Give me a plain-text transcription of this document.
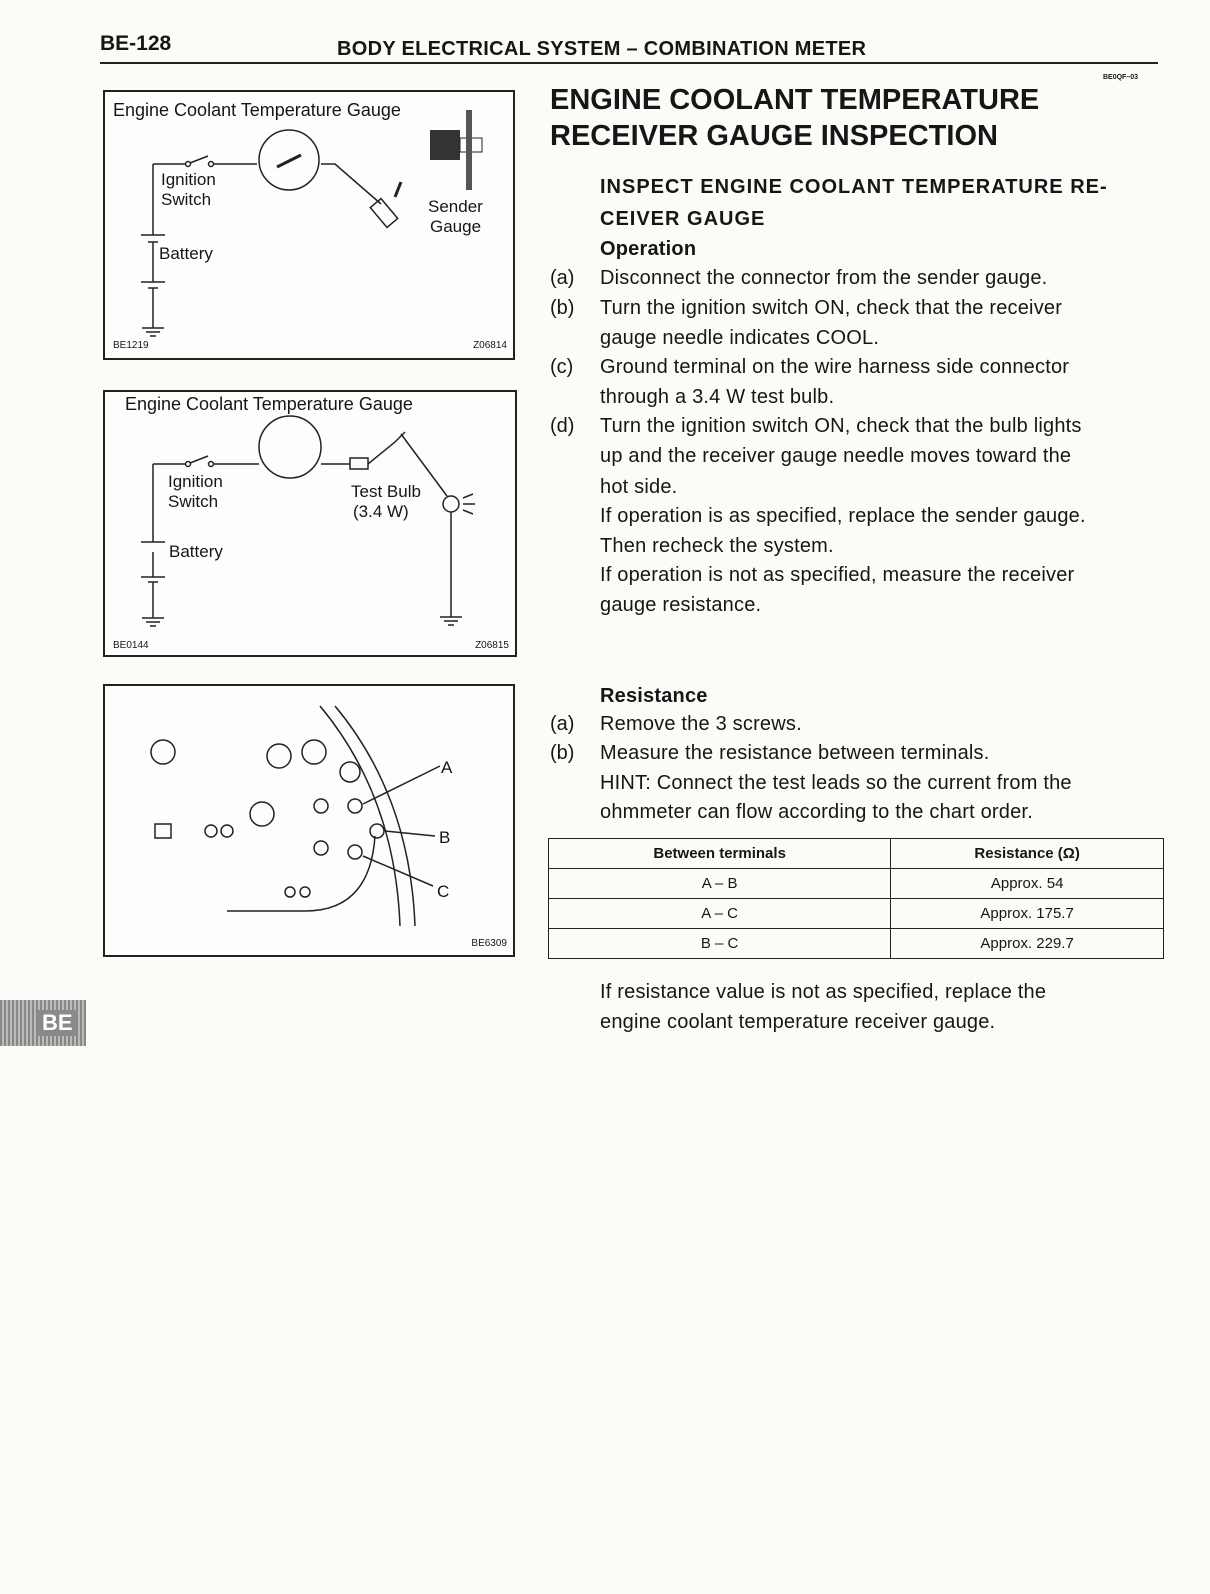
BE-128	BODY ELECTRICAL SYSTEM – COMBINATION METER
BE0QF–03
Engine Coolant Temperature Gauge
Ignition
Switch
Battery
Sender
Gauge
BE1219	Z06814
Engine Coolant Temperature Gauge
Ignition
Switch
Battery
Test Bulb
(3.4 W)
BE0144	Z06815
A
B
C
BE6309
ENGINE COOLANT TEMPERATURE
RECEIVER GAUGE INSPECTION
INSPECT ENGINE COOLANT TEMPERATURE RE-
CEIVER GAUGE
Operation
(a) Disconnect the connector from the sender gauge.
(b) Turn the ignition switch ON, check that the receiver
gauge needle indicates COOL.
(c) Ground terminal on the wire harness side connector
through a 3.4 W test bulb.
(d) Turn the ignition switch ON, check that the bulb lights
up and the receiver gauge needle moves toward the
hot side.
If operation is as specified, replace the sender gauge.
Then recheck the system.
If operation is not as specified, measure the receiver
gauge resistance.
Resistance
(a) Remove the 3 screws.
(b) Measure the resistance between terminals.
HINT: Connect the test leads so the current from the
ohmmeter can flow according to the chart order.
Between terminals	Resistance (Ω)
A – B	Approx. 54
A – C	Approx. 175.7
B – C	Approx. 229.7
If resistance value is not as specified, replace the
engine coolant temperature receiver gauge.
BE
